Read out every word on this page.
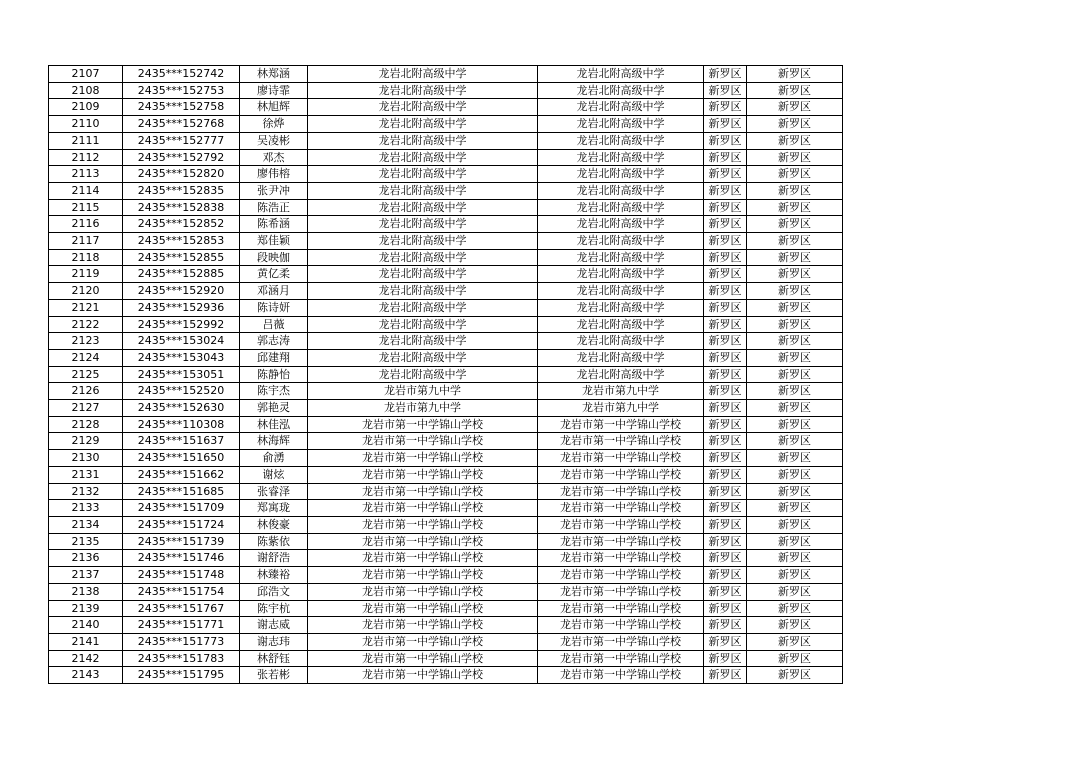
2107	2435***152742	林郑涵	龙岩北附高级中学	龙岩北附高级中学	新罗区	新罗区
2108	2435***152753	廖诗霏	龙岩北附高级中学	龙岩北附高级中学	新罗区	新罗区
2109	2435***152758	林旭辉	龙岩北附高级中学	龙岩北附高级中学	新罗区	新罗区
2110	2435***152768	徐烨	龙岩北附高级中学	龙岩北附高级中学	新罗区	新罗区
2111	2435***152777	吴凌彬	龙岩北附高级中学	龙岩北附高级中学	新罗区	新罗区
2112	2435***152792	邓杰	龙岩北附高级中学	龙岩北附高级中学	新罗区	新罗区
2113	2435***152820	廖伟榕	龙岩北附高级中学	龙岩北附高级中学	新罗区	新罗区
2114	2435***152835	张尹冲	龙岩北附高级中学	龙岩北附高级中学	新罗区	新罗区
2115	2435***152838	陈浩正	龙岩北附高级中学	龙岩北附高级中学	新罗区	新罗区
2116	2435***152852	陈希涵	龙岩北附高级中学	龙岩北附高级中学	新罗区	新罗区
2117	2435***152853	郑佳颖	龙岩北附高级中学	龙岩北附高级中学	新罗区	新罗区
2118	2435***152855	段映伽	龙岩北附高级中学	龙岩北附高级中学	新罗区	新罗区
2119	2435***152885	黄亿柔	龙岩北附高级中学	龙岩北附高级中学	新罗区	新罗区
2120	2435***152920	邓涵月	龙岩北附高级中学	龙岩北附高级中学	新罗区	新罗区
2121	2435***152936	陈诗妍	龙岩北附高级中学	龙岩北附高级中学	新罗区	新罗区
2122	2435***152992	吕薇	龙岩北附高级中学	龙岩北附高级中学	新罗区	新罗区
2123	2435***153024	郭志涛	龙岩北附高级中学	龙岩北附高级中学	新罗区	新罗区
2124	2435***153043	邱建翔	龙岩北附高级中学	龙岩北附高级中学	新罗区	新罗区
2125	2435***153051	陈静怡	龙岩北附高级中学	龙岩北附高级中学	新罗区	新罗区
2126	2435***152520	陈宇杰	龙岩市第九中学	龙岩市第九中学	新罗区	新罗区
2127	2435***152630	郭艳灵	龙岩市第九中学	龙岩市第九中学	新罗区	新罗区
2128	2435***110308	林佳泓	龙岩市第一中学锦山学校	龙岩市第一中学锦山学校	新罗区	新罗区
2129	2435***151637	林海辉	龙岩市第一中学锦山学校	龙岩市第一中学锦山学校	新罗区	新罗区
2130	2435***151650	俞湧	龙岩市第一中学锦山学校	龙岩市第一中学锦山学校	新罗区	新罗区
2131	2435***151662	谢炫	龙岩市第一中学锦山学校	龙岩市第一中学锦山学校	新罗区	新罗区
2132	2435***151685	张睿泽	龙岩市第一中学锦山学校	龙岩市第一中学锦山学校	新罗区	新罗区
2133	2435***151709	郑寓珑	龙岩市第一中学锦山学校	龙岩市第一中学锦山学校	新罗区	新罗区
2134	2435***151724	林俊豪	龙岩市第一中学锦山学校	龙岩市第一中学锦山学校	新罗区	新罗区
2135	2435***151739	陈紫依	龙岩市第一中学锦山学校	龙岩市第一中学锦山学校	新罗区	新罗区
2136	2435***151746	谢舒浩	龙岩市第一中学锦山学校	龙岩市第一中学锦山学校	新罗区	新罗区
2137	2435***151748	林臻裕	龙岩市第一中学锦山学校	龙岩市第一中学锦山学校	新罗区	新罗区
2138	2435***151754	邱浩文	龙岩市第一中学锦山学校	龙岩市第一中学锦山学校	新罗区	新罗区
2139	2435***151767	陈宇杭	龙岩市第一中学锦山学校	龙岩市第一中学锦山学校	新罗区	新罗区
2140	2435***151771	谢志威	龙岩市第一中学锦山学校	龙岩市第一中学锦山学校	新罗区	新罗区
2141	2435***151773	谢志玮	龙岩市第一中学锦山学校	龙岩市第一中学锦山学校	新罗区	新罗区
2142	2435***151783	林舒钰	龙岩市第一中学锦山学校	龙岩市第一中学锦山学校	新罗区	新罗区
2143	2435***151795	张若彬	龙岩市第一中学锦山学校	龙岩市第一中学锦山学校	新罗区	新罗区
